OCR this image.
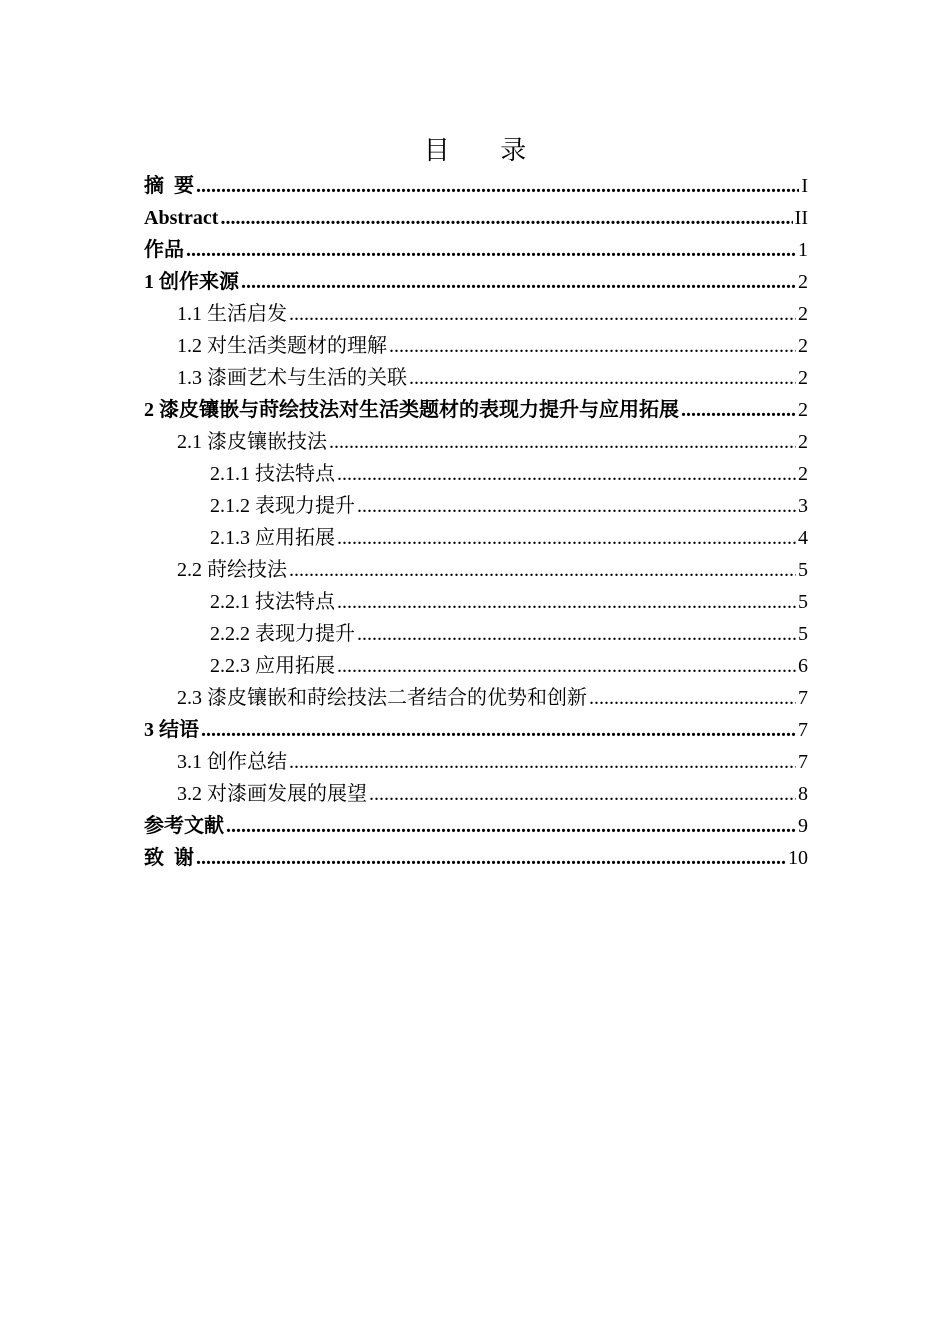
目 录
摘  要 .....	I
Abstract .....	II
作品 .....	1
1 创作来源 .....	2
1.1 生活启发 .....	2
1.2 对生活类题材的理解 .....	2
1.3 漆画艺术与生活的关联 .....	2
2 漆皮镶嵌与莳绘技法对生活类题材的表现力提升与应用拓展 .....	2
2.1 漆皮镶嵌技法 .....	2
2.1.1 技法特点 .....	2
2.1.2 表现力提升 .....	3
2.1.3 应用拓展 .....	4
2.2 莳绘技法 .....	5
2.2.1 技法特点 .....	5
2.2.2 表现力提升 .....	5
2.2.3 应用拓展 .....	6
2.3 漆皮镶嵌和莳绘技法二者结合的优势和创新 .....	7
3 结语 .....	7
3.1 创作总结 .....	7
3.2 对漆画发展的展望 .....	8
参考文献 .....	9
致  谢 .....	10
